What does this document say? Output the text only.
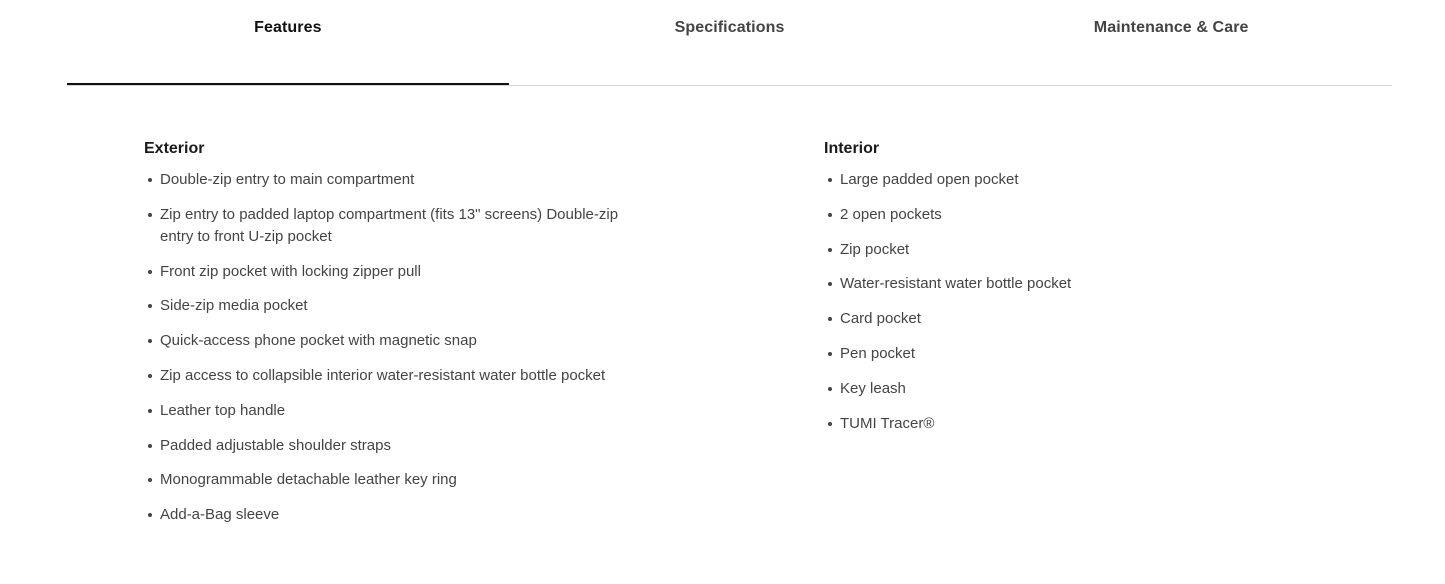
Features	Specifications	Maintenance & Care
Exterior
Double-zip entry to main compartment
Zip entry to padded laptop compartment (fits 13" screens) Double-zip entry to front U-zip pocket
Front zip pocket with locking zipper pull
Side-zip media pocket
Quick-access phone pocket with magnetic snap
Zip access to collapsible interior water-resistant water bottle pocket
Leather top handle
Padded adjustable shoulder straps
Monogrammable detachable leather key ring
Add-a-Bag sleeve
Interior
Large padded open pocket
2 open pockets
Zip pocket
Water-resistant water bottle pocket
Card pocket
Pen pocket
Key leash
TUMI Tracer®
